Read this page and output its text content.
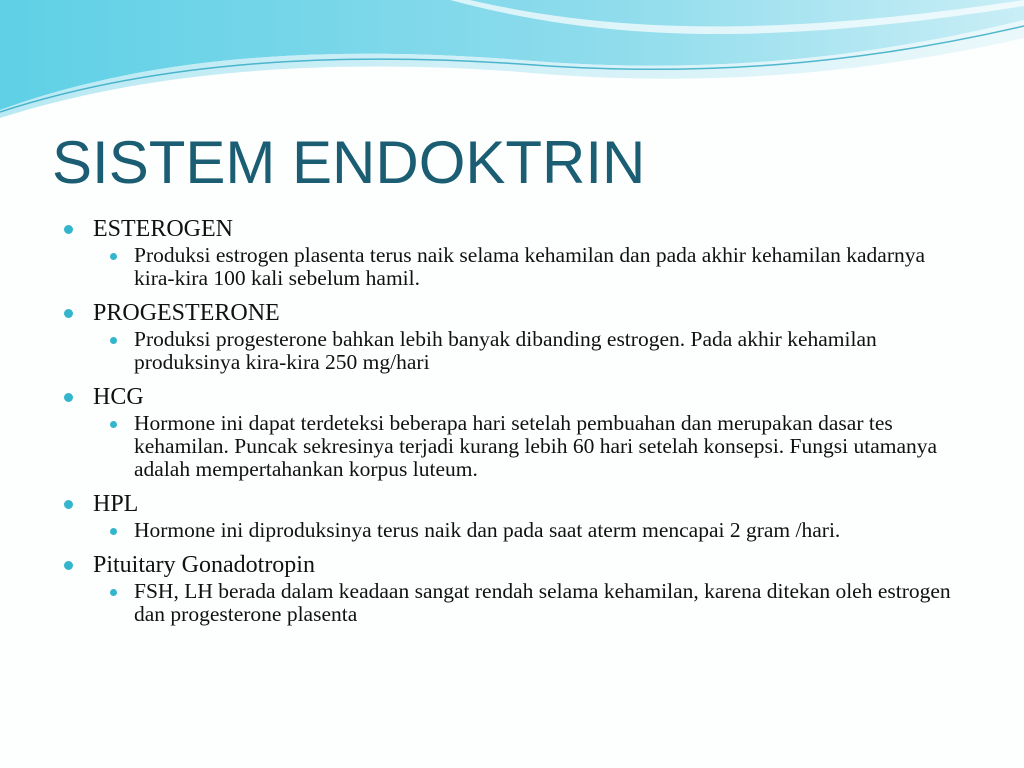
SISTEM ENDOKTRIN
ESTEROGEN
Produksi estrogen plasenta terus naik selama kehamilan dan pada akhir kehamilan kadarnya kira-kira 100 kali sebelum hamil.
PROGESTERONE
Produksi progesterone bahkan lebih banyak dibanding estrogen. Pada akhir kehamilan produksinya kira-kira 250 mg/hari
HCG
Hormone ini dapat terdeteksi beberapa hari setelah pembuahan dan merupakan dasar tes kehamilan. Puncak sekresinya terjadi kurang lebih 60 hari setelah konsepsi. Fungsi utamanya adalah mempertahankan korpus luteum.
HPL
Hormone ini diproduksinya terus naik dan pada saat aterm mencapai 2 gram /hari.
Pituitary Gonadotropin
FSH, LH berada dalam keadaan sangat rendah selama kehamilan, karena ditekan oleh estrogen dan progesterone plasenta
